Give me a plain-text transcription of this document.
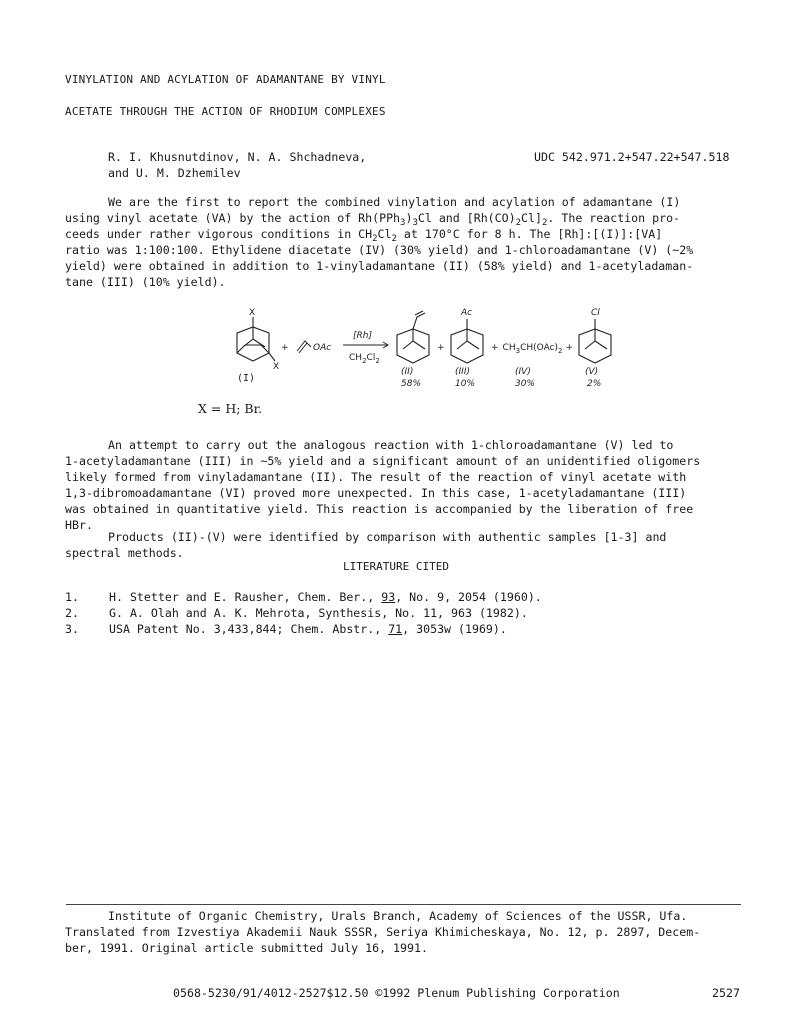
VINYLATION AND ACYLATION OF ADAMANTANE BY VINYL
ACETATE THROUGH THE ACTION OF RHODIUM COMPLEXES
R. I. Khusnutdinov, N. A. Shchadneva,
and U. M. Dzhemilev
UDC 542.971.2+547.22+547.518
We are the first to report the combined vinylation and acylation of adamantane (I)
using vinyl acetate (VA) by the action of $Rh(PPh_3)_3Cl$ and $[Rh(CO)_2Cl]_2$. The reaction pro-
ceeds under rather vigorous conditions in $CH_2Cl_2$ at 170°C for 8 h. The [Rh]:[(I)]:[VA]
ratio was 1:100:100. Ethylidene diacetate (IV) (30% yield) and 1-chloroadamantane (V) (~2%
yield) were obtained in addition to 1-vinyladamantane (II) (58% yield) and 1-acetyladaman-
tane (III) (10% yield).
X
X
(I)
+	OAc
[Rh]
$CH_2Cl_2$
(II)
58%
+
Ac
(III)
10%
+ $CH_3CH(OAc)_2$ +
(IV)
30%
Cl
(V)
2%
X = H; Br.
An attempt to carry out the analogous reaction with 1-chloroadamantane (V) led to
1-acetyladamantane (III) in ~5% yield and a significant amount of an unidentified oligomers
likely formed from vinyladamantane (II). The result of the reaction of vinyl acetate with
1,3-dibromoadamantane (VI) proved more unexpected. In this case, 1-acetyladamantane (III)
was obtained in quantitative yield. This reaction is accompanied by the liberation of free
HBr.
Products (II)-(V) were identified by comparison with authentic samples [1-3] and
spectral methods.
LITERATURE CITED
1.	H. Stetter and E. Rausher, Chem. Ber., 93, No. 9, 2054 (1960).
2.	G. A. Olah and A. K. Mehrota, Synthesis, No. 11, 963 (1982).
3.	USA Patent No. 3,433,844; Chem. Abstr., 71, 3053w (1969).
Institute of Organic Chemistry, Urals Branch, Academy of Sciences of the USSR, Ufa.
Translated from Izvestiya Akademii Nauk SSSR, Seriya Khimicheskaya, No. 12, p. 2897, Decem-
ber, 1991. Original article submitted July 16, 1991.
0568-5230/91/4012-2527$12.50 ©1992 Plenum Publishing Corporation	2527
